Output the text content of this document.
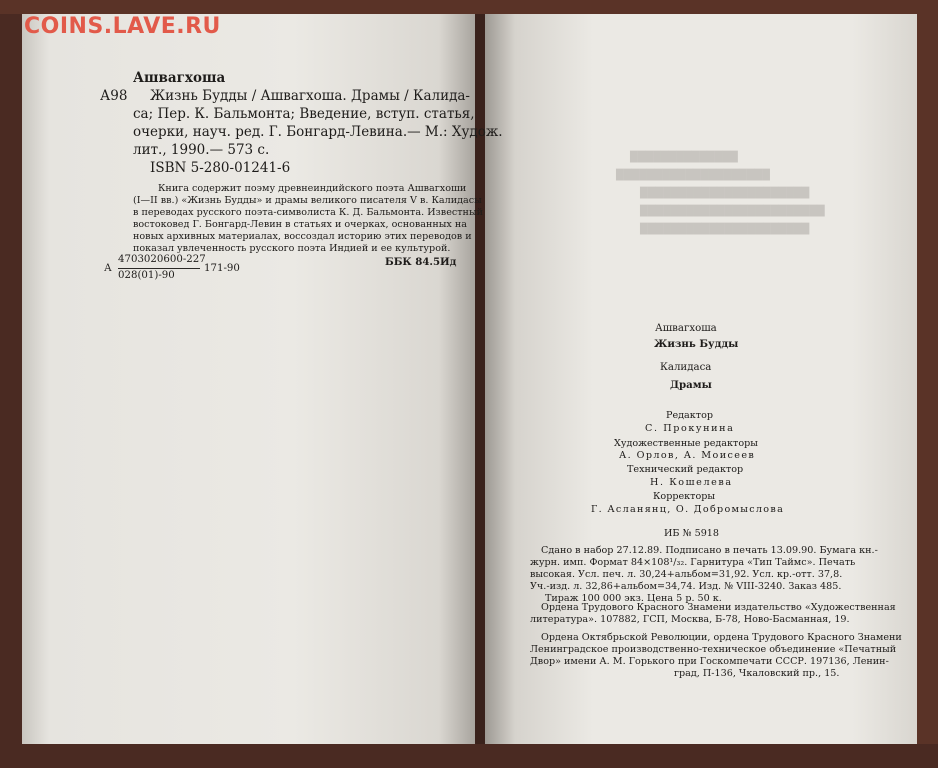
COINS.LAVE.RU
Ашвагхоша
А98 Жизнь Будды / Ашвагхоша. Драмы / Калида-
са; Пер. К. Бальмонта; Введение, вступ. статья,
очерки, науч. ред. Г. Бонгард-Левина.— М.: Худож.
лит., 1990.— 573 с.
ISBN 5-280-01241-6
Книга содержит поэму древнеиндийского поэта Ашвагхоши
(I—II вв.) «Жизнь Будды» и драмы великого писателя V в. Калидасы
в переводах русского поэта-символиста К. Д. Бальмонта. Известный
востоковед Г. Бонгард-Левин в статьях и очерках, основанных на
новых архивных материалах, воссоздал историю этих переводов и
показал увлеченность русского поэта Индией и ее культурой.
А
4703020600-227
028(01)-90
171-90
ББК 84.5Ид
██████████████
████████████████████
██████████████████████
████████████████████████
██████████████████████
Ашвагхоша
Жизнь Будды
Калидаса
Драмы
Редактор
С. Прокунина
Художественные редакторы
А. Орлов, А. Моисеев
Технический редактор
Н. Кошелева
Корректоры
Г. Асланянц, О. Добромыслова
ИБ № 5918
Сдано в набор 27.12.89. Подписано в печать 13.09.90. Бумага кн.-
журн. имп. Формат 84×108¹/₃₂. Гарнитура «Тип Таймс». Печать
высокая. Усл. печ. л. 30,24+альбом=31,92. Усл. кр.-отт. 37,8.
Уч.-изд. л. 32,86+альбом=34,74. Изд. № VIII-3240. Заказ 485.
Тираж 100 000 экз. Цена 5 р. 50 к.
Ордена Трудового Красного Знамени издательство «Художественная
литература». 107882, ГСП, Москва, Б-78, Ново-Басманная, 19.
Ордена Октябрьской Революции, ордена Трудового Красного Знамени
Ленинградское производственно-техническое объединение «Печатный
Двор» имени А. М. Горького при Госкомпечати СССР. 197136, Ленин-
град, П-136, Чкаловский пр., 15.
